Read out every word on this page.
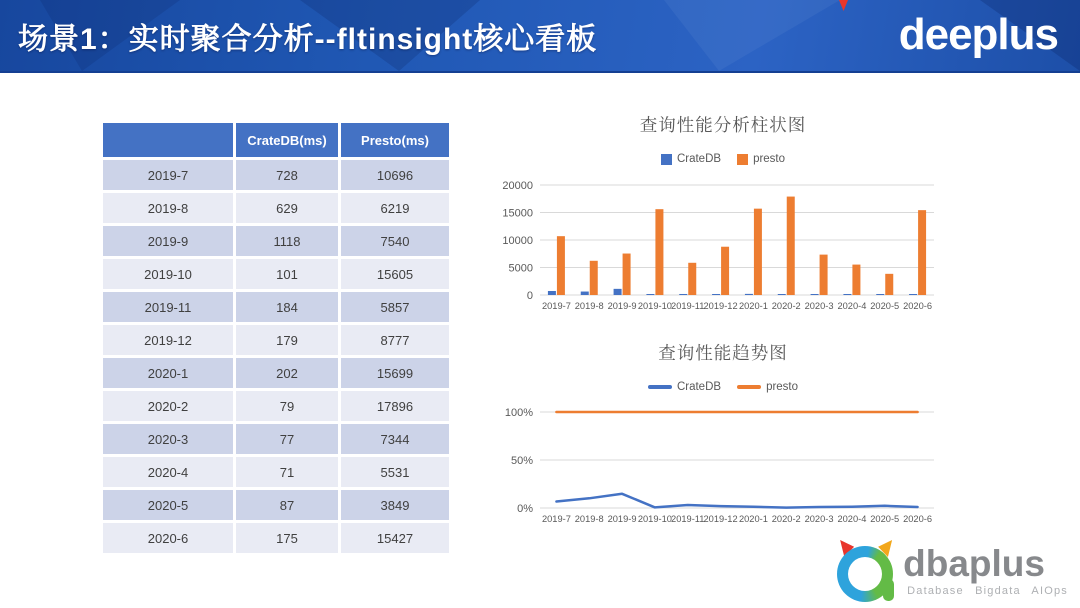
场景1：实时聚合分析--fltinsight核心看板	deeplus
	CrateDB(ms)	Presto(ms)
2019-7	728	10696
2019-8	629	6219
2019-9	1118	7540
2019-10	101	15605
2019-11	184	5857
2019-12	179	8777
2020-1	202	15699
2020-2	79	17896
2020-3	77	7344
2020-4	71	5531
2020-5	87	3849
2020-6	175	15427
查询性能分析柱状图
CrateDB	presto
0
5000
10000
15000
20000
2019-7 2019-8 2019-9 2019-10 2019-11 2019-12 2020-1 2020-2 2020-3 2020-4 2020-5 2020-6
查询性能趋势图
CrateDB	presto
0%
50%
100%
2019-7 2019-8 2019-9 2019-10 2019-11 2019-12 2020-1 2020-2 2020-3 2020-4 2020-5 2020-6
dbaplus
Database Bigdata AIOps
